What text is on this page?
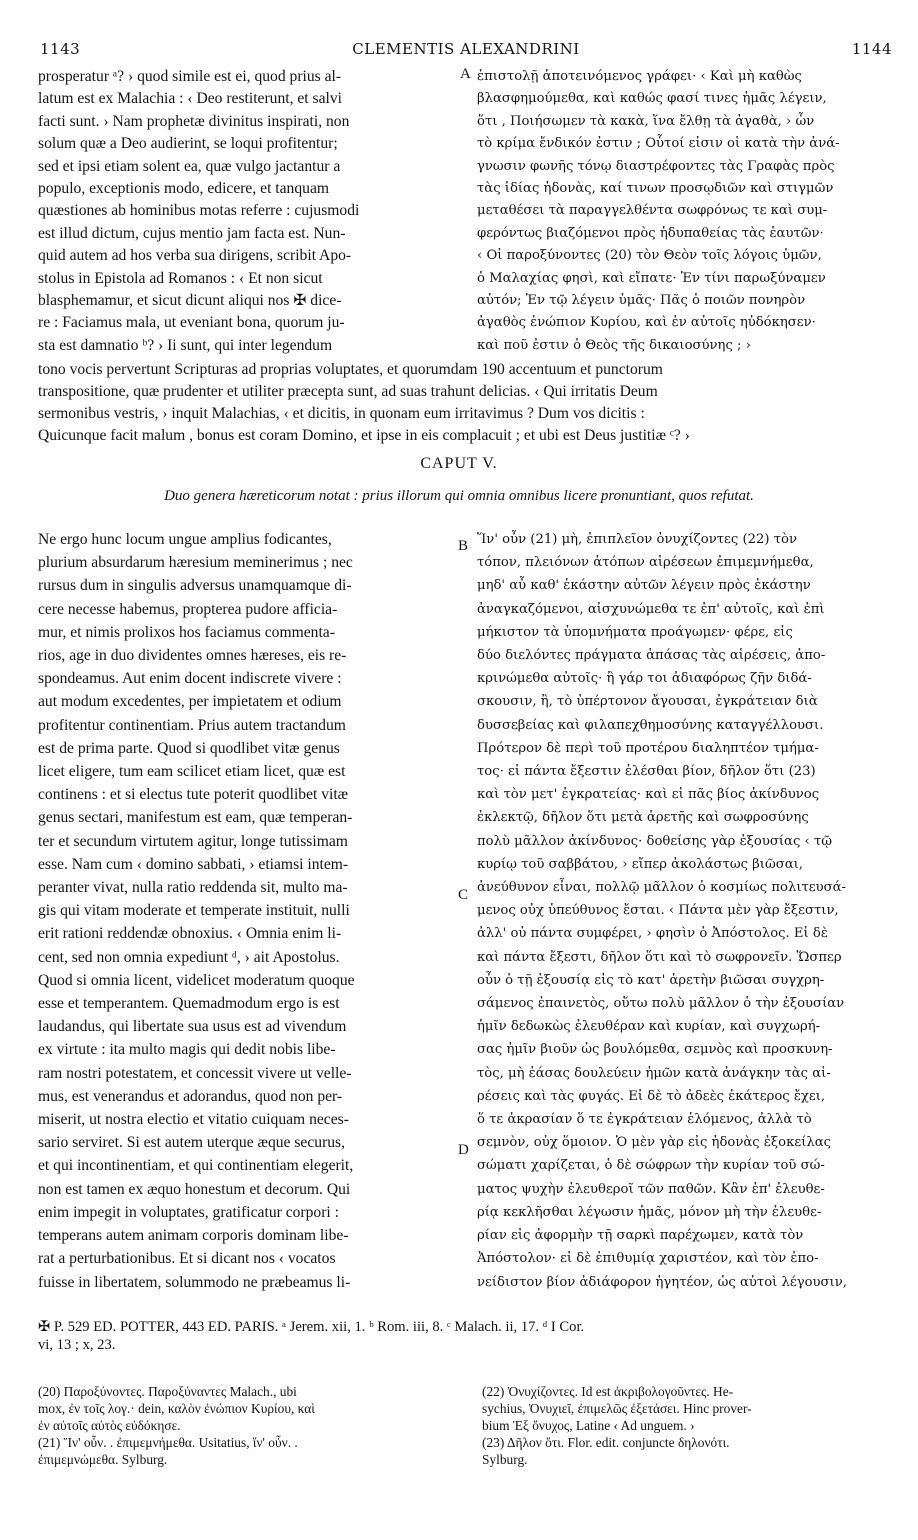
1143	CLEMENTIS ALEXANDRINI	1144
prosperatur ᵃ? › quod simile est ei, quod prius al-
latum est ex Malachia : ‹ Deo restiterunt, et salvi
facti sunt. › Nam prophetæ divinitus inspirati, non
solum quæ a Deo audierint, se loqui profitentur;
sed et ipsi etiam solent ea, quæ vulgo jactantur a
populo, exceptionis modo, edicere, et tanquam
quæstiones ab hominibus motas referre : cujusmodi
est illud dictum, cujus mentio jam facta est. Nun-
quid autem ad hos verba sua dirigens, scribit Apo-
stolus in Epistola ad Romanos : ‹ Et non sicut
blasphemamur, et sicut dicunt aliqui nos ✠ dice-
re : Faciamus mala, ut eveniant bona, quorum ju-
sta est damnatio ᵇ? › Ii sunt, qui inter legendum
ἐπιστολῇ ἀποτεινόμενος γράφει· ‹ Καὶ μὴ καθὼς
βλασφημούμεθα, καὶ καθώς φασί τινες ἡμᾶς λέγειν,
ὅτι , Ποιήσωμεν τὰ κακὰ, ἵνα ἔλθῃ τὰ ἀγαθὰ, › ὧν
τὸ κρίμα ἔνδικόν ἐστιν ; Οὗτοί εἰσιν οἱ κατὰ τὴν ἀνά-
γνωσιν φωνῆς τόνῳ διαστρέφοντες τὰς Γραφὰς πρὸς
τὰς ἰδίας ἡδονὰς, καί τινων προσῳδιῶν καὶ στιγμῶν
μεταθέσει τὰ παραγγελθέντα σωφρόνως τε καὶ συμ-
φερόντως βιαζόμενοι πρὸς ἡδυπαθείας τὰς ἑαυτῶν·
‹ Οἱ παροξύνοντες (20) τὸν Θεὸν τοῖς λόγοις ὑμῶν,
ὁ Μαλαχίας φησὶ, καὶ εἴπατε· Ἐν τίνι παρωξύναμεν
αὐτόν; Ἐν τῷ λέγειν ὑμᾶς· Πᾶς ὁ ποιῶν πονηρὸν
ἀγαθὸς ἐνώπιον Κυρίου, καὶ ἐν αὐτοῖς ηὐδόκησεν·
καὶ ποῦ ἐστιν ὁ Θεὸς τῆς δικαιοσύνης ; ›
A
tono vocis pervertunt Scripturas ad proprias voluptates, et quorumdam 190 accentuum et punctorum
transpositione, quæ prudenter et utiliter præcepta sunt, ad suas trahunt delicias. ‹ Qui irritatis Deum
sermonibus vestris, › inquit Malachias, ‹ et dicitis, in quonam eum irritavimus ? Dum vos dicitis :
Quicunque facit malum , bonus est coram Domino, et ipse in eis complacuit ; et ubi est Deus justitiæ ᶜ? ›
CAPUT V.
Duo genera hæreticorum notat : prius illorum qui omnia omnibus licere pronuntiant, quos refutat.
Ne ergo hunc locum ungue amplius fodicantes,
plurium absurdarum hæresium meminerimus ; nec
rursus dum in singulis adversus unamquamque di-
cere necesse habemus, propterea pudore afficia-
mur, et nimis prolixos hos faciamus commenta-
rios, age in duo dividentes omnes hæreses, eis re-
spondeamus. Aut enim docent indiscrete vivere :
aut modum excedentes, per impietatem et odium
profitentur continentiam. Prius autem tractandum
est de prima parte. Quod si quodlibet vitæ genus
licet eligere, tum eam scilicet etiam licet, quæ est
continens : et si electus tute poterit quodlibet vitæ
genus sectari, manifestum est eam, quæ temperan-
ter et secundum virtutem agitur, longe tutissimam
esse. Nam cum ‹ domino sabbati, › etiamsi intem-
peranter vivat, nulla ratio reddenda sit, multo ma-
gis qui vitam moderate et temperate instituit, nulli
erit rationi reddendæ obnoxius. ‹ Omnia enim li-
cent, sed non omnia expediunt ᵈ, › ait Apostolus.
Quod si omnia licent, videlicet moderatum quoque
esse et temperantem. Quemadmodum ergo is est
laudandus, qui libertate sua usus est ad vivendum
ex virtute : ita multo magis qui dedit nobis libe-
ram nostri potestatem, et concessit vivere ut velle-
mus, est venerandus et adorandus, quod non per-
miserit, ut nostra electio et vitatio cuiquam neces-
sario serviret. Si est autem uterque æque securus,
et qui incontinentiam, et qui continentiam elegerit,
non est tamen ex æquo honestum et decorum. Qui
enim impegit in voluptates, gratificatur corpori :
temperans autem animam corporis dominam libe-
rat a perturbationibus. Et si dicant nos ‹ vocatos
fuisse in libertatem, solummodo ne præbeamus li-
Ἵν' οὖν (21) μὴ, ἐπιπλεῖον ὀνυχίζοντες (22) τὸν
τόπον, πλειόνων ἀτόπων αἱρέσεων ἐπιμεμνήμεθα,
μηδ' αὖ καθ' ἑκάστην αὐτῶν λέγειν πρὸς ἑκάστην
ἀναγκαζόμενοι, αἰσχυνώμεθα τε ἐπ' αὐτοῖς, καὶ ἐπὶ
μήκιστον τὰ ὑπομνήματα προάγωμεν· φέρε, εἰς
δύο διελόντες πράγματα ἁπάσας τὰς αἱρέσεις, ἀπο-
κρινώμεθα αὐτοῖς· ἢ γάρ τοι ἀδιαφόρως ζῆν διδά-
σκουσιν, ἢ, τὸ ὑπέρτονον ἄγουσαι, ἐγκράτειαν διὰ
δυσσεβείας καὶ φιλαπεχθημοσύνης καταγγέλλουσι.
Πρότερον δὲ περὶ τοῦ προτέρου διαληπτέον τμήμα-
τος· εἰ πάντα ἔξεστιν ἑλέσθαι βίον, δῆλον ὅτι (23)
καὶ τὸν μετ' ἐγκρατείας· καὶ εἰ πᾶς βίος ἀκίνδυνος
ἐκλεκτῷ, δῆλον ὅτι μετὰ ἀρετῆς καὶ σωφροσύνης
πολὺ μᾶλλον ἀκίνδυνος· δοθείσης γὰρ ἐξουσίας ‹ τῷ
κυρίῳ τοῦ σαββάτου, › εἴπερ ἀκολάστως βιῶσαι,
ἀνεύθυνον εἶναι, πολλῷ μᾶλλον ὁ κοσμίως πολιτευσά-
μενος οὐχ ὑπεύθυνος ἔσται. ‹ Πάντα μὲν γὰρ ἔξεστιν,
ἀλλ' οὐ πάντα συμφέρει, › φησὶν ὁ Ἀπόστολος. Εἰ δὲ
καὶ πάντα ἔξεστι, δῆλον ὅτι καὶ τὸ σωφρονεῖν. Ὥσπερ
οὖν ὁ τῇ ἐξουσίᾳ εἰς τὸ κατ' ἀρετὴν βιῶσαι συγχρη-
σάμενος ἐπαινετὸς, οὕτω πολὺ μᾶλλον ὁ τὴν ἐξουσίαν
ἡμῖν δεδωκὼς ἐλευθέραν καὶ κυρίαν, καὶ συγχωρή-
σας ἡμῖν βιοῦν ὡς βουλόμεθα, σεμνὸς καὶ προσκυνη-
τὸς, μὴ ἐάσας δουλεύειν ἡμῶν κατὰ ἀνάγκην τὰς αἱ-
ρέσεις καὶ τὰς φυγάς. Εἰ δὲ τὸ ἀδεὲς ἑκάτερος ἔχει,
ὅ τε ἀκρασίαν ὅ τε ἐγκράτειαν ἑλόμενος, ἀλλὰ τὸ
σεμνὸν, οὐχ ὅμοιον. Ὁ μὲν γὰρ εἰς ἡδονὰς ἐξοκείλας
σώματι χαρίζεται, ὁ δὲ σώφρων τὴν κυρίαν τοῦ σώ-
ματος ψυχὴν ἐλευθεροῖ τῶν παθῶν. Κἂν ἐπ' ἐλευθε-
ρίᾳ κεκλῆσθαι λέγωσιν ἡμᾶς, μόνον μὴ τὴν ἐλευθε-
ρίαν εἰς ἀφορμὴν τῇ σαρκὶ παρέχωμεν, κατὰ τὸν
Ἀπόστολον· εἰ δὲ ἐπιθυμίᾳ χαριστέον, καὶ τὸν ἐπο-
νείδιστον βίον ἀδιάφορον ἡγητέον, ὡς αὐτοὶ λέγουσιν,
B
C
D
✠ P. 529 ED. POTTER, 443 ED. PARIS. ᵃ Jerem. xii, 1. ᵇ Rom. iii, 8. ᶜ Malach. ii, 17. ᵈ I Cor.
vi, 13 ; x, 23.
(20) Παροξύνοντες. Παροξύναντες Malach., ubi
mox, ἐν τοῖς λογ.· dein, καλὸν ἐνώπιον Κυρίου, καὶ
ἐν αὐτοῖς αὐτὸς εὐδόκησε.
(21) Ἵν' οὖν. . ἐπιμεμνήμεθα. Usitatius, ἵν' οὖν. .
ἐπιμεμνώμεθα. Sylburg.
(22) Ὀνυχίζοντες. Id est ἀκριβολογοῦντες. He-
sychius, Ὀνυχιεῖ, ἐπιμελῶς ἐξετάσει. Hinc prover-
bium Ἐξ ὄνυχος, Latine ‹ Ad unguem. ›
(23) Δῆλον ὅτι. Flor. edit. conjuncte δηλονότι.
Sylburg.
